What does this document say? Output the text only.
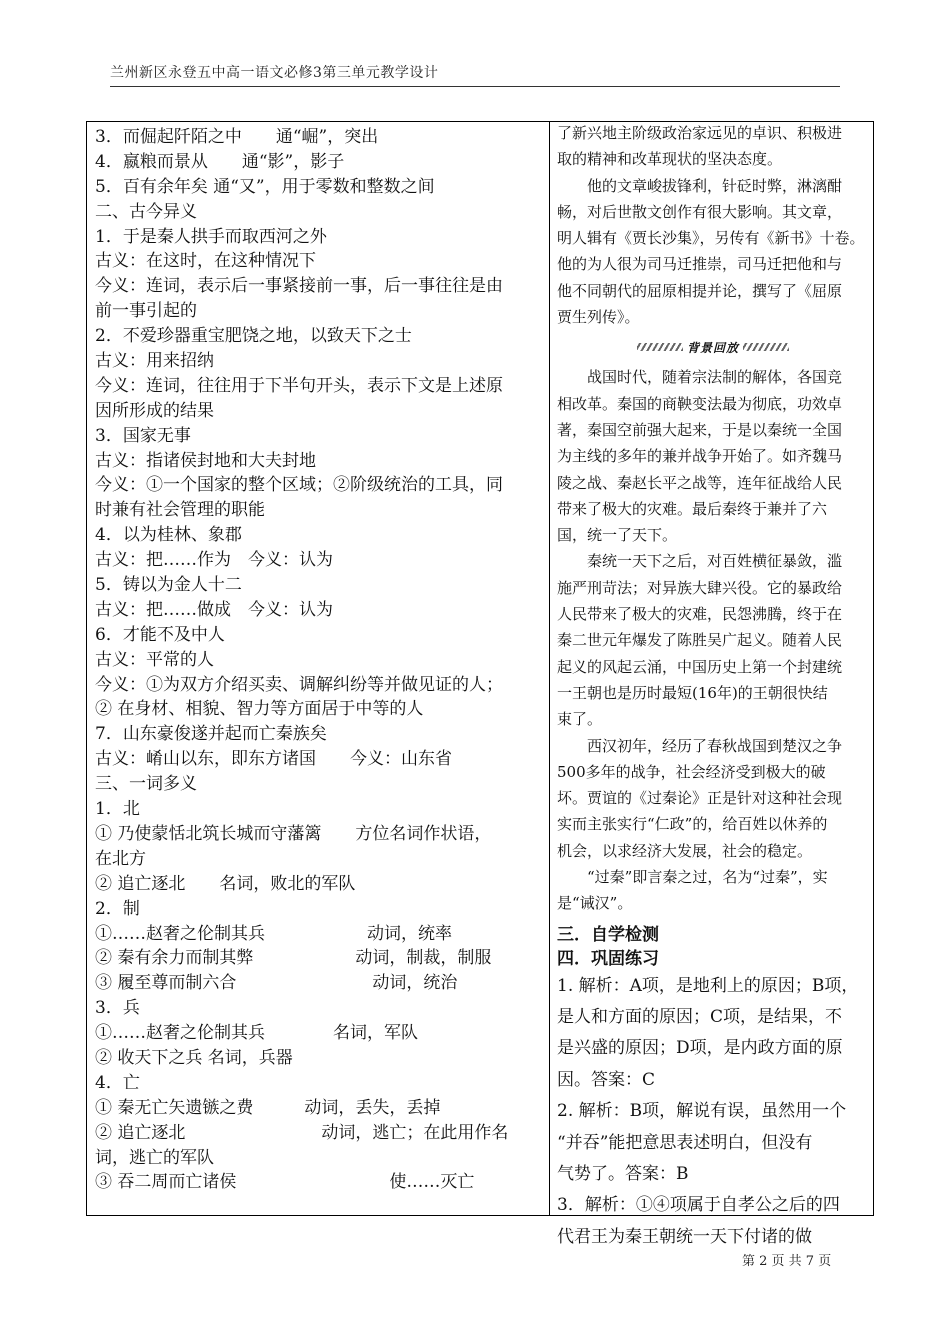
兰州新区永登五中高一语文必修3第三单元教学设计
3．而倔起阡陌之中　　通“崛”，突出
4．嬴粮而景从　　通“影”，影子
5．百有余年矣 通“又”，用于零数和整数之间
二、古今异义
1．于是秦人拱手而取西河之外
古义：在这时，在这种情况下
今义：连词，表示后一事紧接前一事，后一事往往是由
前一事引起的
2．不爱珍器重宝肥饶之地，以致天下之士
古义：用来招纳
今义：连词，往往用于下半句开头，表示下文是上述原
因所形成的结果
3．国家无事
古义：指诸侯封地和大夫封地
今义：①一个国家的整个区域；②阶级统治的工具，同
时兼有社会管理的职能
4．以为桂林、象郡
古义：把……作为　今义：认为
5．铸以为金人十二
古义：把……做成　今义：认为
6．才能不及中人
古义：平常的人
今义：①为双方介绍买卖、调解纠纷等并做见证的人；
② 在身材、相貌、智力等方面居于中等的人
7．山东豪俊遂并起而亡秦族矣
古义：崤山以东，即东方诸国　　今义：山东省
三、一词多义
1．北
① 乃使蒙恬北筑长城而守藩篱　　方位名词作状语，
在北方
② 追亡逐北　　名词，败北的军队
2．制
①……赵奢之伦制其兵　　　　　　动词，统率
② 秦有余力而制其弊　　　　　　动词，制裁，制服
③ 履至尊而制六合　　　　　　　　动词，统治
3．兵
①……赵奢之伦制其兵　　　　名词，军队
② 收天下之兵 名词，兵器
4．亡
① 秦无亡矢遗镞之费　　　动词，丢失，丢掉
② 追亡逐北　　　　　　　　动词，逃亡；在此用作名
词，逃亡的军队
③ 吞二周而亡诸侯　　　　　　　　　使……灭亡
了新兴地主阶级政治家远见的卓识、积极进
取的精神和改革现状的坚决态度。
他的文章峻拔锋利，针砭时弊，淋漓酣
畅，对后世散文创作有很大影响。其文章，
明人辑有《贾长沙集》，另传有《新书》十卷。
他的为人很为司马迁推崇，司马迁把他和与
他不同朝代的屈原相提并论，撰写了《屈原
贾生列传》。
背景回放
战国时代，随着宗法制的解体，各国竞
相改革。秦国的商鞅变法最为彻底，功效卓
著，秦国空前强大起来，于是以秦统一全国
为主线的多年的兼并战争开始了。如齐魏马
陵之战、秦赵长平之战等，连年征战给人民
带来了极大的灾难。最后秦终于兼并了六
国，统一了天下。
秦统一天下之后，对百姓横征暴敛，滥
施严刑苛法；对异族大肆兴役。它的暴政给
人民带来了极大的灾难，民怨沸腾，终于在
秦二世元年爆发了陈胜吴广起义。随着人民
起义的风起云涌，中国历史上第一个封建统
一王朝也是历时最短(16年)的王朝很快结
束了。
西汉初年，经历了春秋战国到楚汉之争
500多年的战争，社会经济受到极大的破
坏。贾谊的《过秦论》正是针对这种社会现
实而主张实行“仁政”的，给百姓以休养的
机会，以求经济大发展，社会的稳定。
“过秦”即言秦之过，名为“过秦”，实
是“诫汉”。
三．自学检测
四．巩固练习
1. 解析：A项，是地利上的原因；B项，
是人和方面的原因；C项，是结果，不
是兴盛的原因；D项，是内政方面的原
因。答案：C
2. 解析：B项，解说有误，虽然用一个
“并吞”能把意思表述明白，但没有
气势了。答案：B
3．解析：①④项属于自孝公之后的四
代君王为秦王朝统一天下付诸的做
第 2 页 共 7 页
